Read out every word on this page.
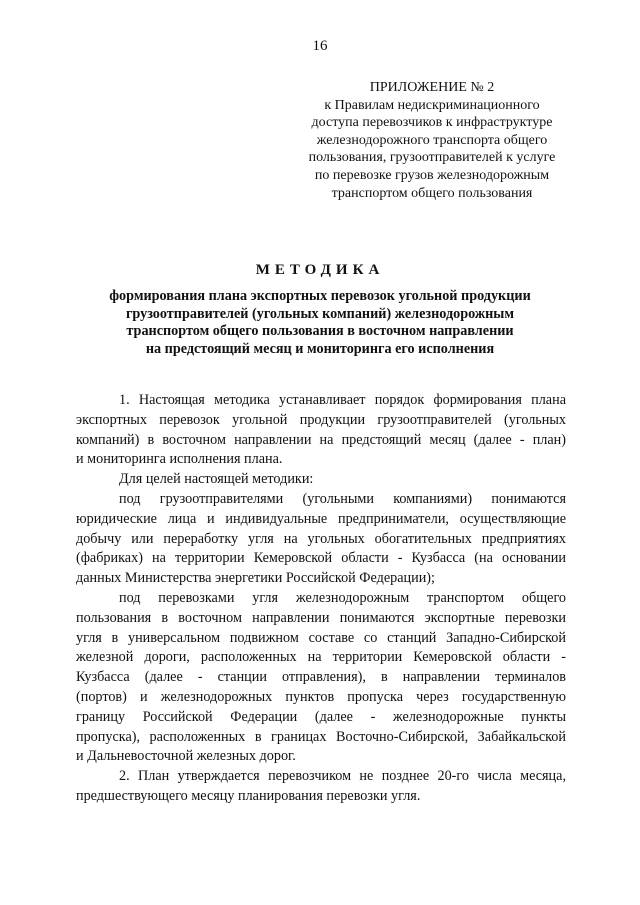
16
ПРИЛОЖЕНИЕ № 2
к Правилам недискриминационного
доступа перевозчиков к инфраструктуре
железнодорожного транспорта общего
пользования, грузоотправителей к услуге
по перевозке грузов железнодорожным
транспортом общего пользования
МЕТОДИКА
формирования плана экспортных перевозок угольной продукции
грузоотправителей (угольных компаний) железнодорожным
транспортом общего пользования в восточном направлении
на предстоящий месяц и мониторинга его исполнения
1. Настоящая методика устанавливает порядок формирования плана
экспортных перевозок угольной продукции грузоотправителей (угольных
компаний) в восточном направлении на предстоящий месяц (далее - план)
и мониторинга исполнения плана.
Для целей настоящей методики:
под грузоотправителями (угольными компаниями) понимаются
юридические лица и индивидуальные предприниматели, осуществляющие
добычу или переработку угля на угольных обогатительных предприятиях
(фабриках) на территории Кемеровской области - Кузбасса (на основании
данных Министерства энергетики Российской Федерации);
под перевозками угля железнодорожным транспортом общего
пользования в восточном направлении понимаются экспортные перевозки
угля в универсальном подвижном составе со станций Западно-Сибирской
железной дороги, расположенных на территории Кемеровской области -
Кузбасса (далее - станции отправления), в направлении терминалов
(портов) и железнодорожных пунктов пропуска через государственную
границу Российской Федерации (далее - железнодорожные пункты
пропуска), расположенных в границах Восточно-Сибирской, Забайкальской
и Дальневосточной железных дорог.
2. План утверждается перевозчиком не позднее 20-го числа месяца,
предшествующего месяцу планирования перевозки угля.
